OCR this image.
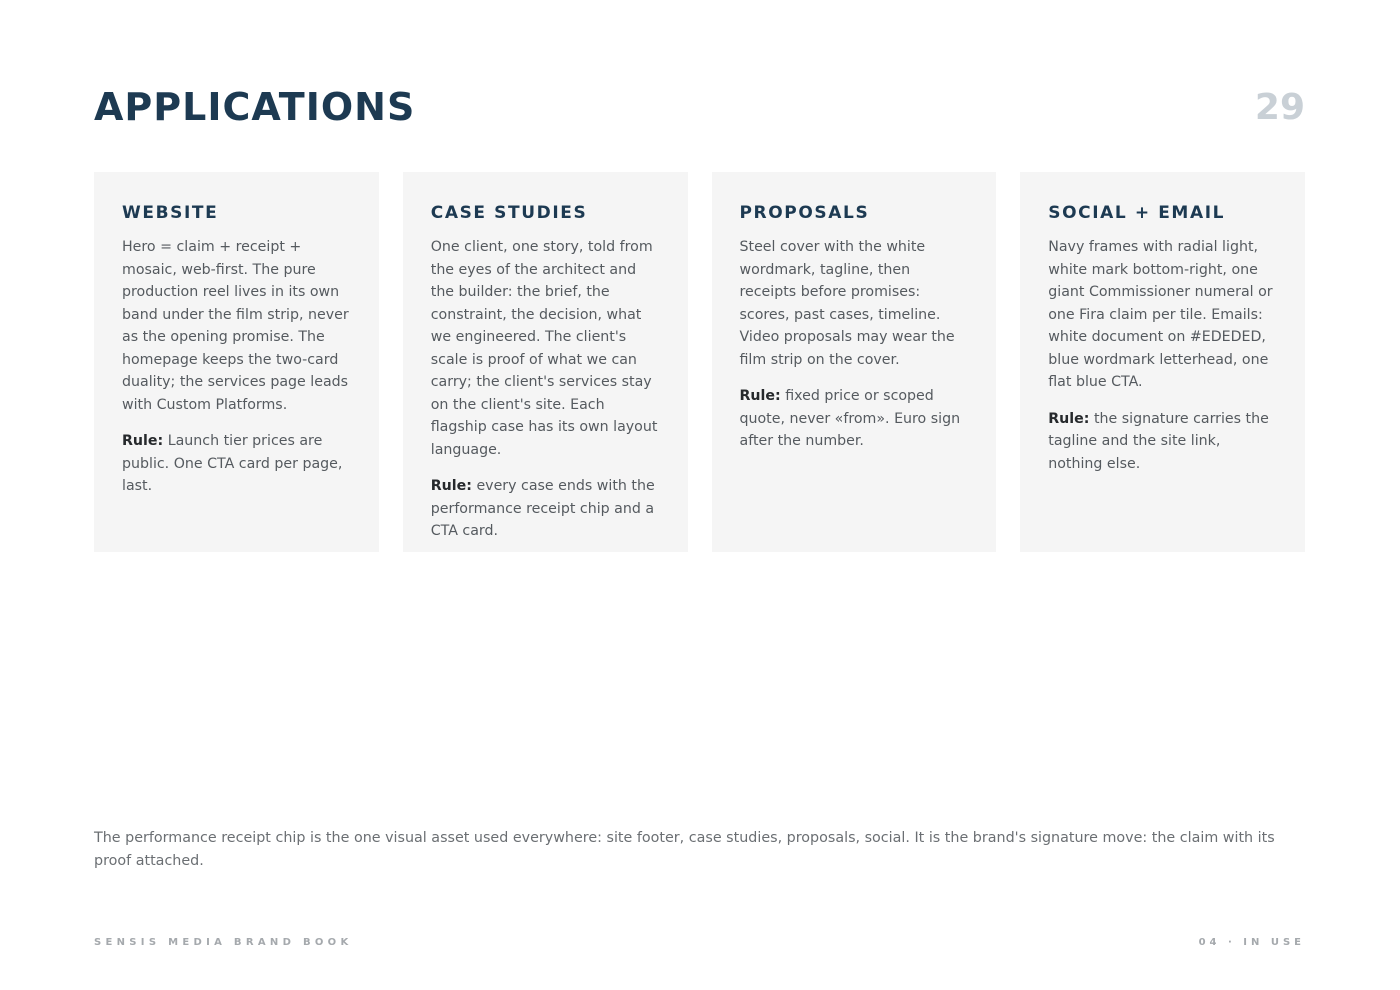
APPLICATIONS	29
WEBSITE

Hero = claim + receipt + mosaic, web-first. The pure production reel lives in its own band under the film strip, never as the opening promise. The homepage keeps the two-card duality; the services page leads with Custom Platforms.

Rule: Launch tier prices are public. One CTA card per page, last.

CASE STUDIES

One client, one story, told from the eyes of the architect and the builder: the brief, the constraint, the decision, what we engineered. The client's scale is proof of what we can carry; the client's services stay on the client's site. Each flagship case has its own layout language.

Rule: every case ends with the performance receipt chip and a CTA card.

PROPOSALS

Steel cover with the white wordmark, tagline, then receipts before promises: scores, past cases, timeline. Video proposals may wear the film strip on the cover.

Rule: fixed price or scoped quote, never «from». Euro sign after the number.

SOCIAL + EMAIL

Navy frames with radial light, white mark bottom-right, one giant Commissioner numeral or one Fira claim per tile. Emails: white document on #EDEDED, blue wordmark letterhead, one flat blue CTA.

Rule: the signature carries the tagline and the site link, nothing else.

The performance receipt chip is the one visual asset used everywhere: site footer, case studies, proposals, social. It is the brand's signature move: the claim with its proof attached.

SENSIS MEDIA BRAND BOOK	04 · IN USE
